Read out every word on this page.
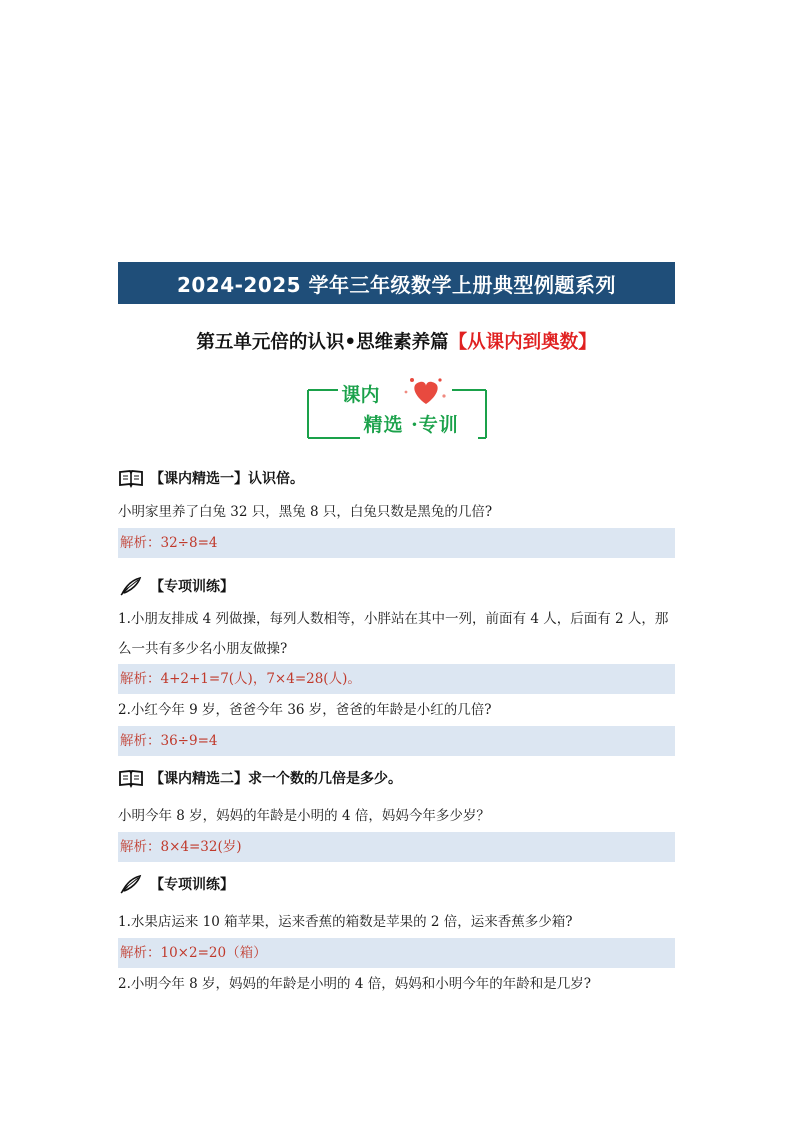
2024-2025 学年三年级数学上册典型例题系列
第五单元倍的认识•思维素养篇【从课内到奥数】
课内
精选 ·专训
【课内精选一】认识倍。
小明家里养了白兔 32 只，黑兔 8 只，白兔只数是黑兔的几倍?
解析：32÷8=4
【专项训练】
1.小朋友排成 4 列做操，每列人数相等，小胖站在其中一列，前面有 4 人，后面有 2 人，那么一共有多少名小朋友做操?
解析：4+2+1=7(人)，7×4=28(人)。
2.小红今年 9 岁，爸爸今年 36 岁，爸爸的年龄是小红的几倍?
解析：36÷9=4
【课内精选二】求一个数的几倍是多少。
小明今年 8 岁，妈妈的年龄是小明的 4 倍，妈妈今年多少岁？
解析：8×4=32(岁)
【专项训练】
1.水果店运来 10 箱苹果，运来香蕉的箱数是苹果的 2 倍，运来香蕉多少箱?
解析：10×2=20（箱）
2.小明今年 8 岁，妈妈的年龄是小明的 4 倍，妈妈和小明今年的年龄和是几岁?
